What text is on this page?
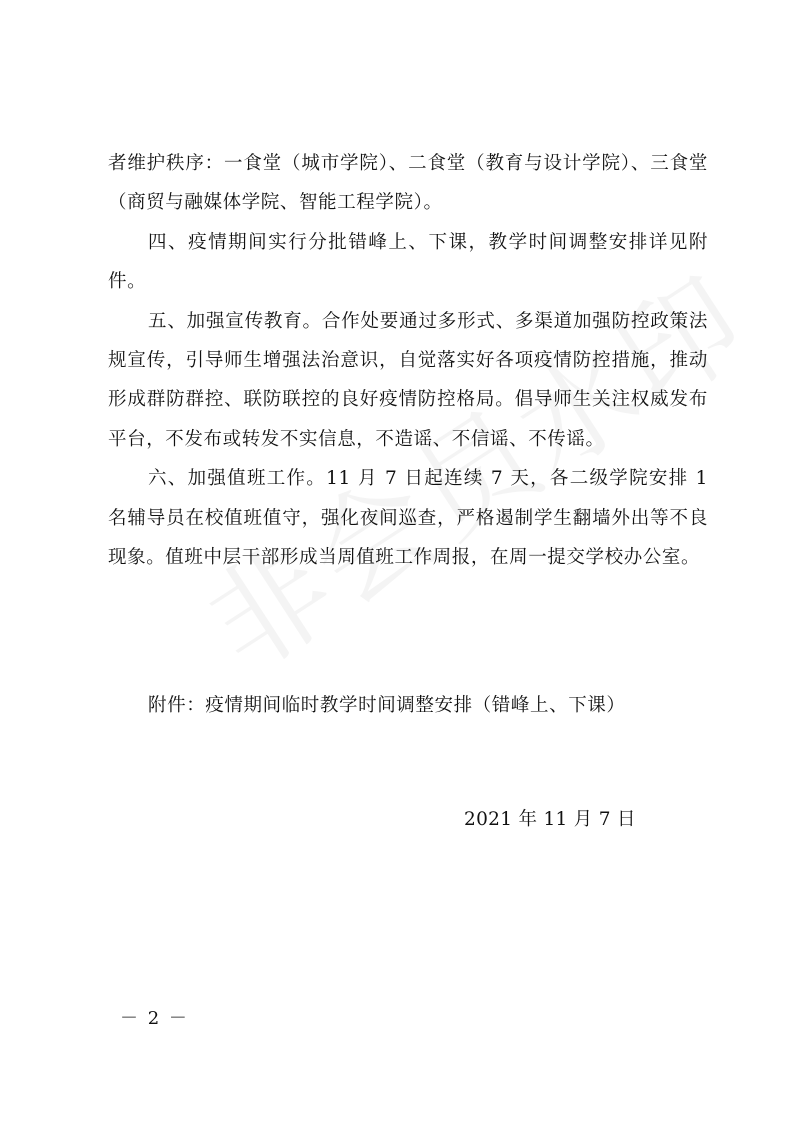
者维护秩序：一食堂（城市学院）、二食堂（教育与设计学院）、三食堂（商贸与融媒体学院、智能工程学院）。

四、疫情期间实行分批错峰上、下课，教学时间调整安排详见附件。

五、加强宣传教育。合作处要通过多形式、多渠道加强防控政策法规宣传，引导师生增强法治意识，自觉落实好各项疫情防控措施，推动形成群防群控、联防联控的良好疫情防控格局。倡导师生关注权威发布平台，不发布或转发不实信息，不造谣、不信谣、不传谣。

六、加强值班工作。11 月 7 日起连续 7 天，各二级学院安排 1 名辅导员在校值班值守，强化夜间巡查，严格遏制学生翻墙外出等不良现象。值班中层干部形成当周值班工作周报，在周一提交学校办公室。

附件：疫情期间临时教学时间调整安排（错峰上、下课）
2021 年 11 月 7 日
－ 2 －
